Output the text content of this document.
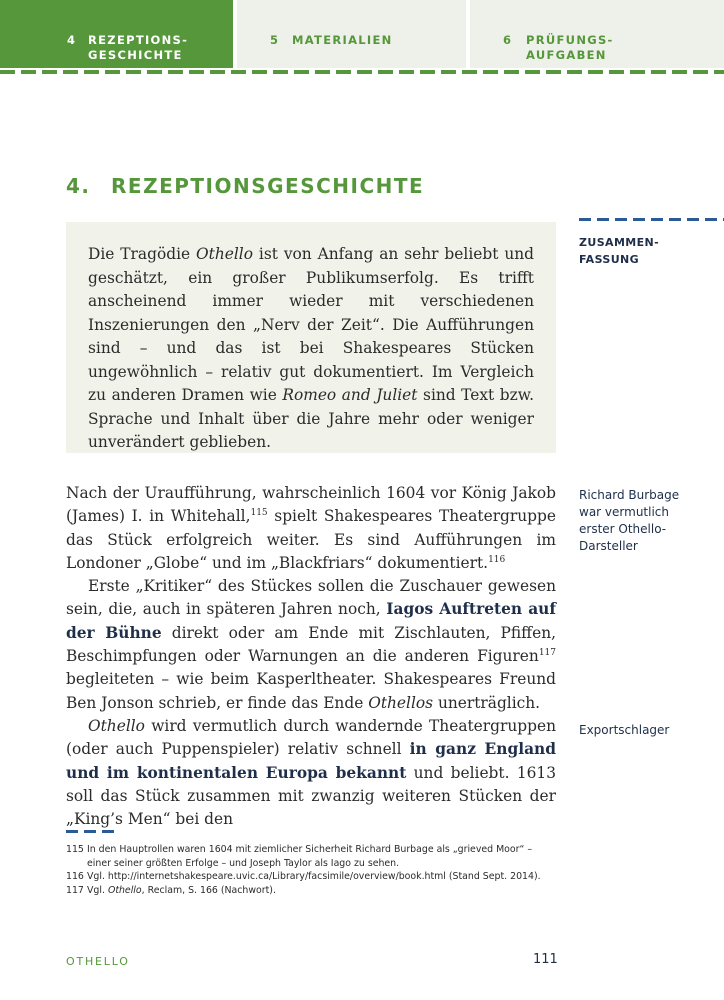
4 REZEPTIONS-
GESCHICHTE
5 MATERIALIEN	6 PRÜFUNGS-
AUFGABEN
4. REZEPTIONSGESCHICHTE

Die Tragödie Othello ist von Anfang an sehr beliebt und geschätzt, ein großer Publikumserfolg. Es trifft anscheinend immer wieder mit verschiedenen Inszenierungen den „Nerv der Zeit“. Die Aufführungen sind – und das ist bei Shakespeares Stücken ungewöhnlich – relativ gut dokumentiert. Im Vergleich zu anderen Dramen wie Romeo and Juliet sind Text bzw. Sprache und Inhalt über die Jahre mehr oder weniger unverändert geblieben.

ZUSAMMEN-
FASSUNG
Richard Burbage
war vermutlich
erster Othello-
Darsteller
Exportschlager

Nach der Uraufführung, wahrscheinlich 1604 vor König Jakob (James) I. in Whitehall,$^{115}$ spielt Shakespeares Theatergruppe das Stück erfolgreich weiter. Es sind Aufführungen im Londoner „Globe“ und im „Blackfriars“ dokumentiert.$^{116}$

Erste „Kritiker“ des Stückes sollen die Zuschauer gewesen sein, die, auch in späteren Jahren noch, Iagos Auftreten auf der Bühne direkt oder am Ende mit Zischlauten, Pfiffen, Beschimpfungen oder Warnungen an die anderen Figuren$^{117}$ begleiteten – wie beim Kasperltheater. Shakespeares Freund Ben Jonson schrieb, er finde das Ende Othellos unerträglich.

Othello wird vermutlich durch wandernde Theatergruppen (oder auch Puppenspieler) relativ schnell in ganz England und im kontinentalen Europa bekannt und beliebt. 1613 soll das Stück zusammen mit zwanzig weiteren Stücken der „King’s Men“ bei den

115 In den Hauptrollen waren 1604 mit ziemlicher Sicherheit Richard Burbage als „grieved Moor“ – einer seiner größten Erfolge – und Joseph Taylor als Iago zu sehen.

116 Vgl. http://internetshakespeare.uvic.ca/Library/facsimile/overview/book.html (Stand Sept. 2014).

117 Vgl. Othello, Reclam, S. 166 (Nachwort).

OTHELLO	111
